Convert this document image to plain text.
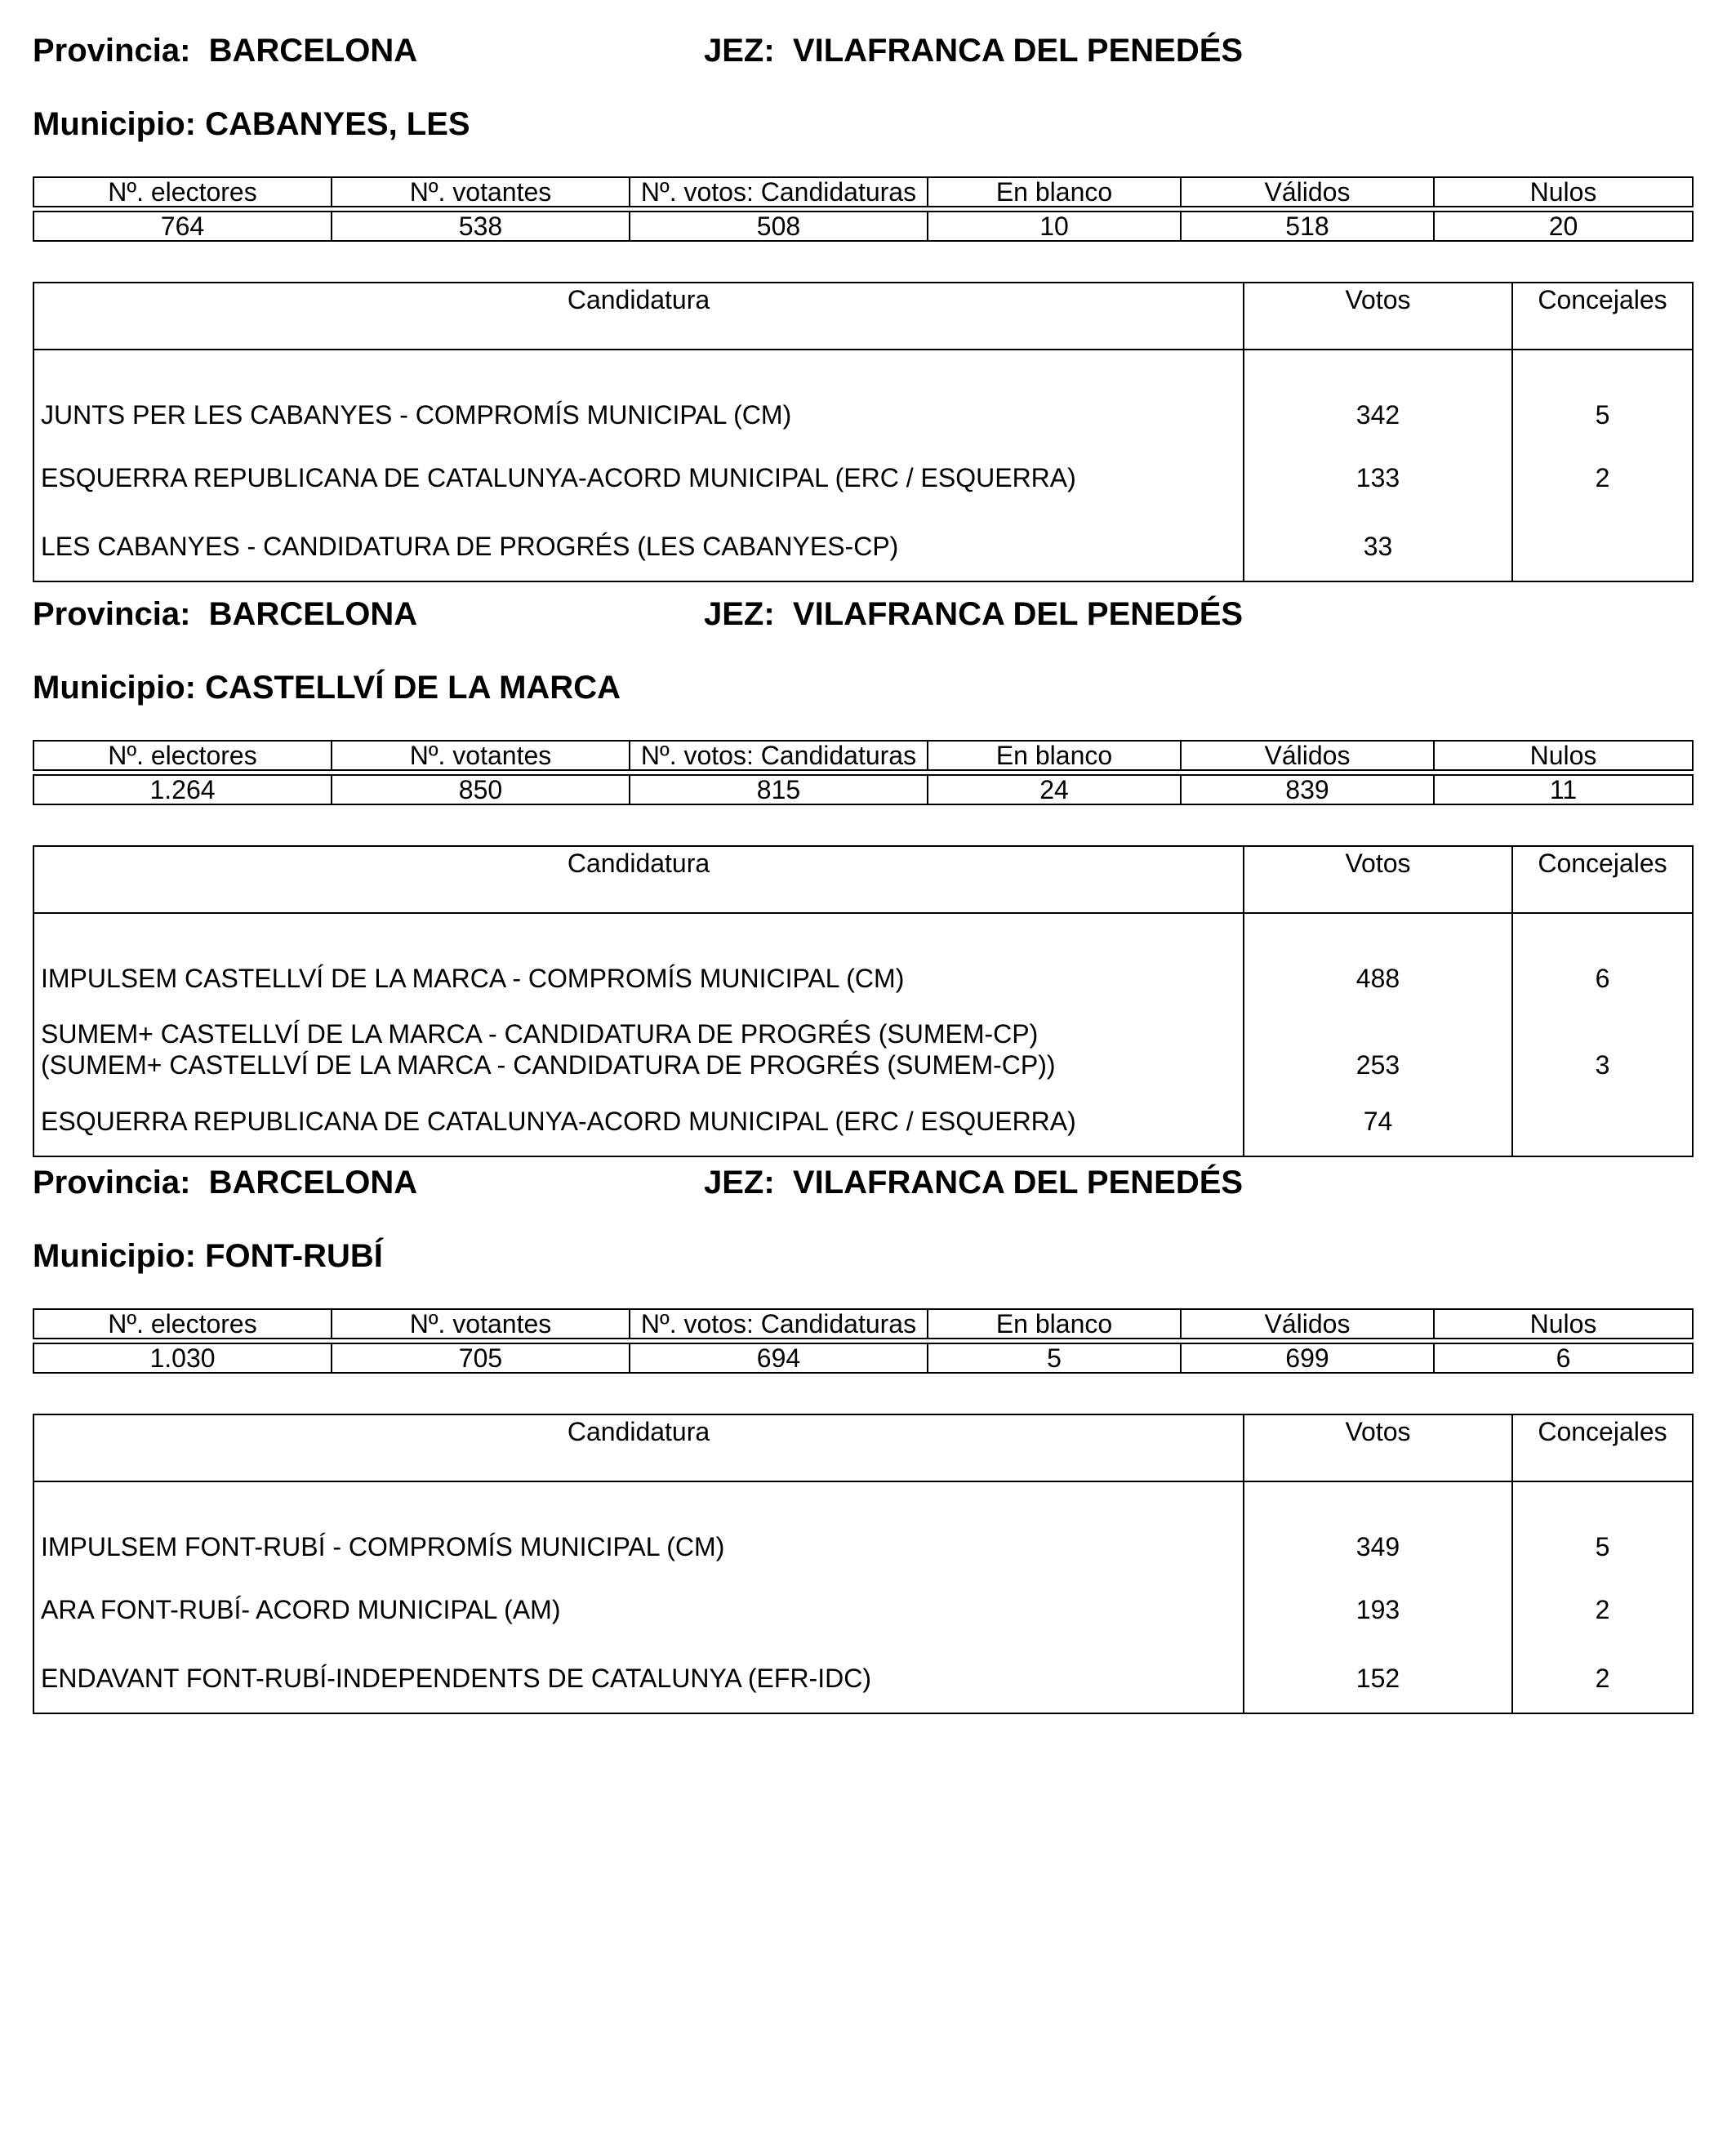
Provincia: BARCELONA	JEZ: VILAFRANCA DEL PENEDÉS
Municipio: CABANYES, LES
Nº. electores	Nº. votantes	Nº. votos: Candidaturas	En blanco	Válidos	Nulos

764	538	508	10	518	20
Candidatura	Votos	Concejales
JUNTS PER LES CABANYES - COMPROMÍS MUNICIPAL (CM)	342	5
ESQUERRA REPUBLICANA DE CATALUNYA-ACORD MUNICIPAL (ERC / ESQUERRA)	133	2
LES CABANYES - CANDIDATURA DE PROGRÉS (LES CABANYES-CP)	33	
Provincia: BARCELONA	JEZ: VILAFRANCA DEL PENEDÉS
Municipio: CASTELLVÍ DE LA MARCA
Nº. electores	Nº. votantes	Nº. votos: Candidaturas	En blanco	Válidos	Nulos

1.264	850	815	24	839	11
Candidatura	Votos	Concejales
IMPULSEM CASTELLVÍ DE LA MARCA - COMPROMÍS MUNICIPAL (CM)	488	6
SUMEM+ CASTELLVÍ DE LA MARCA - CANDIDATURA DE PROGRÉS (SUMEM-CP) (SUMEM+ CASTELLVÍ DE LA MARCA - CANDIDATURA DE PROGRÉS (SUMEM-CP))	253	3
ESQUERRA REPUBLICANA DE CATALUNYA-ACORD MUNICIPAL (ERC / ESQUERRA)	74	
Provincia: BARCELONA	JEZ: VILAFRANCA DEL PENEDÉS
Municipio: FONT-RUBÍ
Nº. electores	Nº. votantes	Nº. votos: Candidaturas	En blanco	Válidos	Nulos

1.030	705	694	5	699	6
Candidatura	Votos	Concejales
IMPULSEM FONT-RUBÍ - COMPROMÍS MUNICIPAL (CM)	349	5
ARA FONT-RUBÍ- ACORD MUNICIPAL (AM)	193	2
ENDAVANT FONT-RUBÍ-INDEPENDENTS DE CATALUNYA (EFR-IDC)	152	2
